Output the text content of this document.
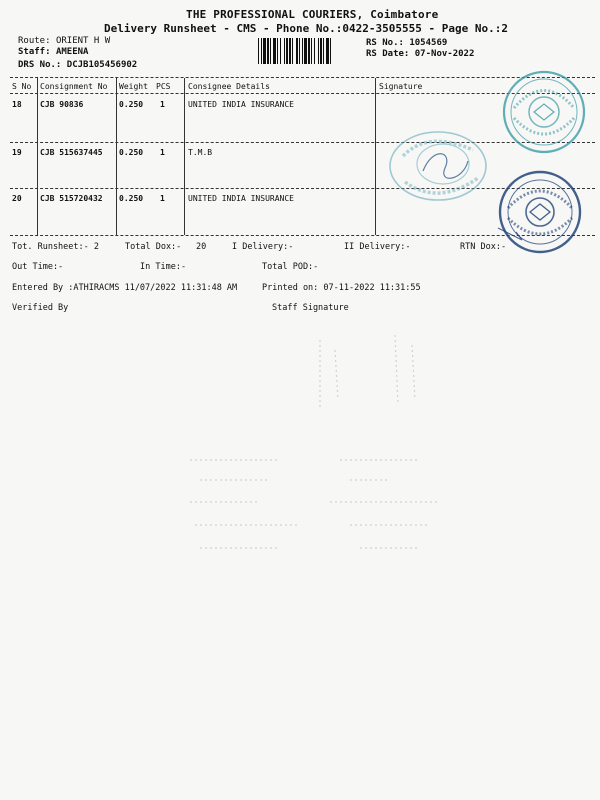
THE PROFESSIONAL COURIERS, Coimbatore
Delivery Runsheet - CMS - Phone No.:0422-3505555 - Page No.:2
Route: ORIENT H W
Staff: AMEENA
DRS No.: DCJB105456902
RS No.: 1054569
RS Date: 07-Nov-2022
S No Consignment No Weight PCS Consignee Details	Signature
18 CJB 90836	0.250 1	UNITED INDIA INSURANCE
19 CJB 515637445 0.250 1	T.M.B
20 CJB 515720432 0.250 1	UNITED INDIA INSURANCE
Tot. Runsheet:- 2	Total Dox:- 20	I Delivery:-	II Delivery:-	RTN Dox:-
Out Time:-	In Time:-	Total POD:-
Entered By :ATHIRACMS 11/07/2022 11:31:48 AM	Printed on: 07-11-2022 11:31:55
Verified By	Staff Signature
